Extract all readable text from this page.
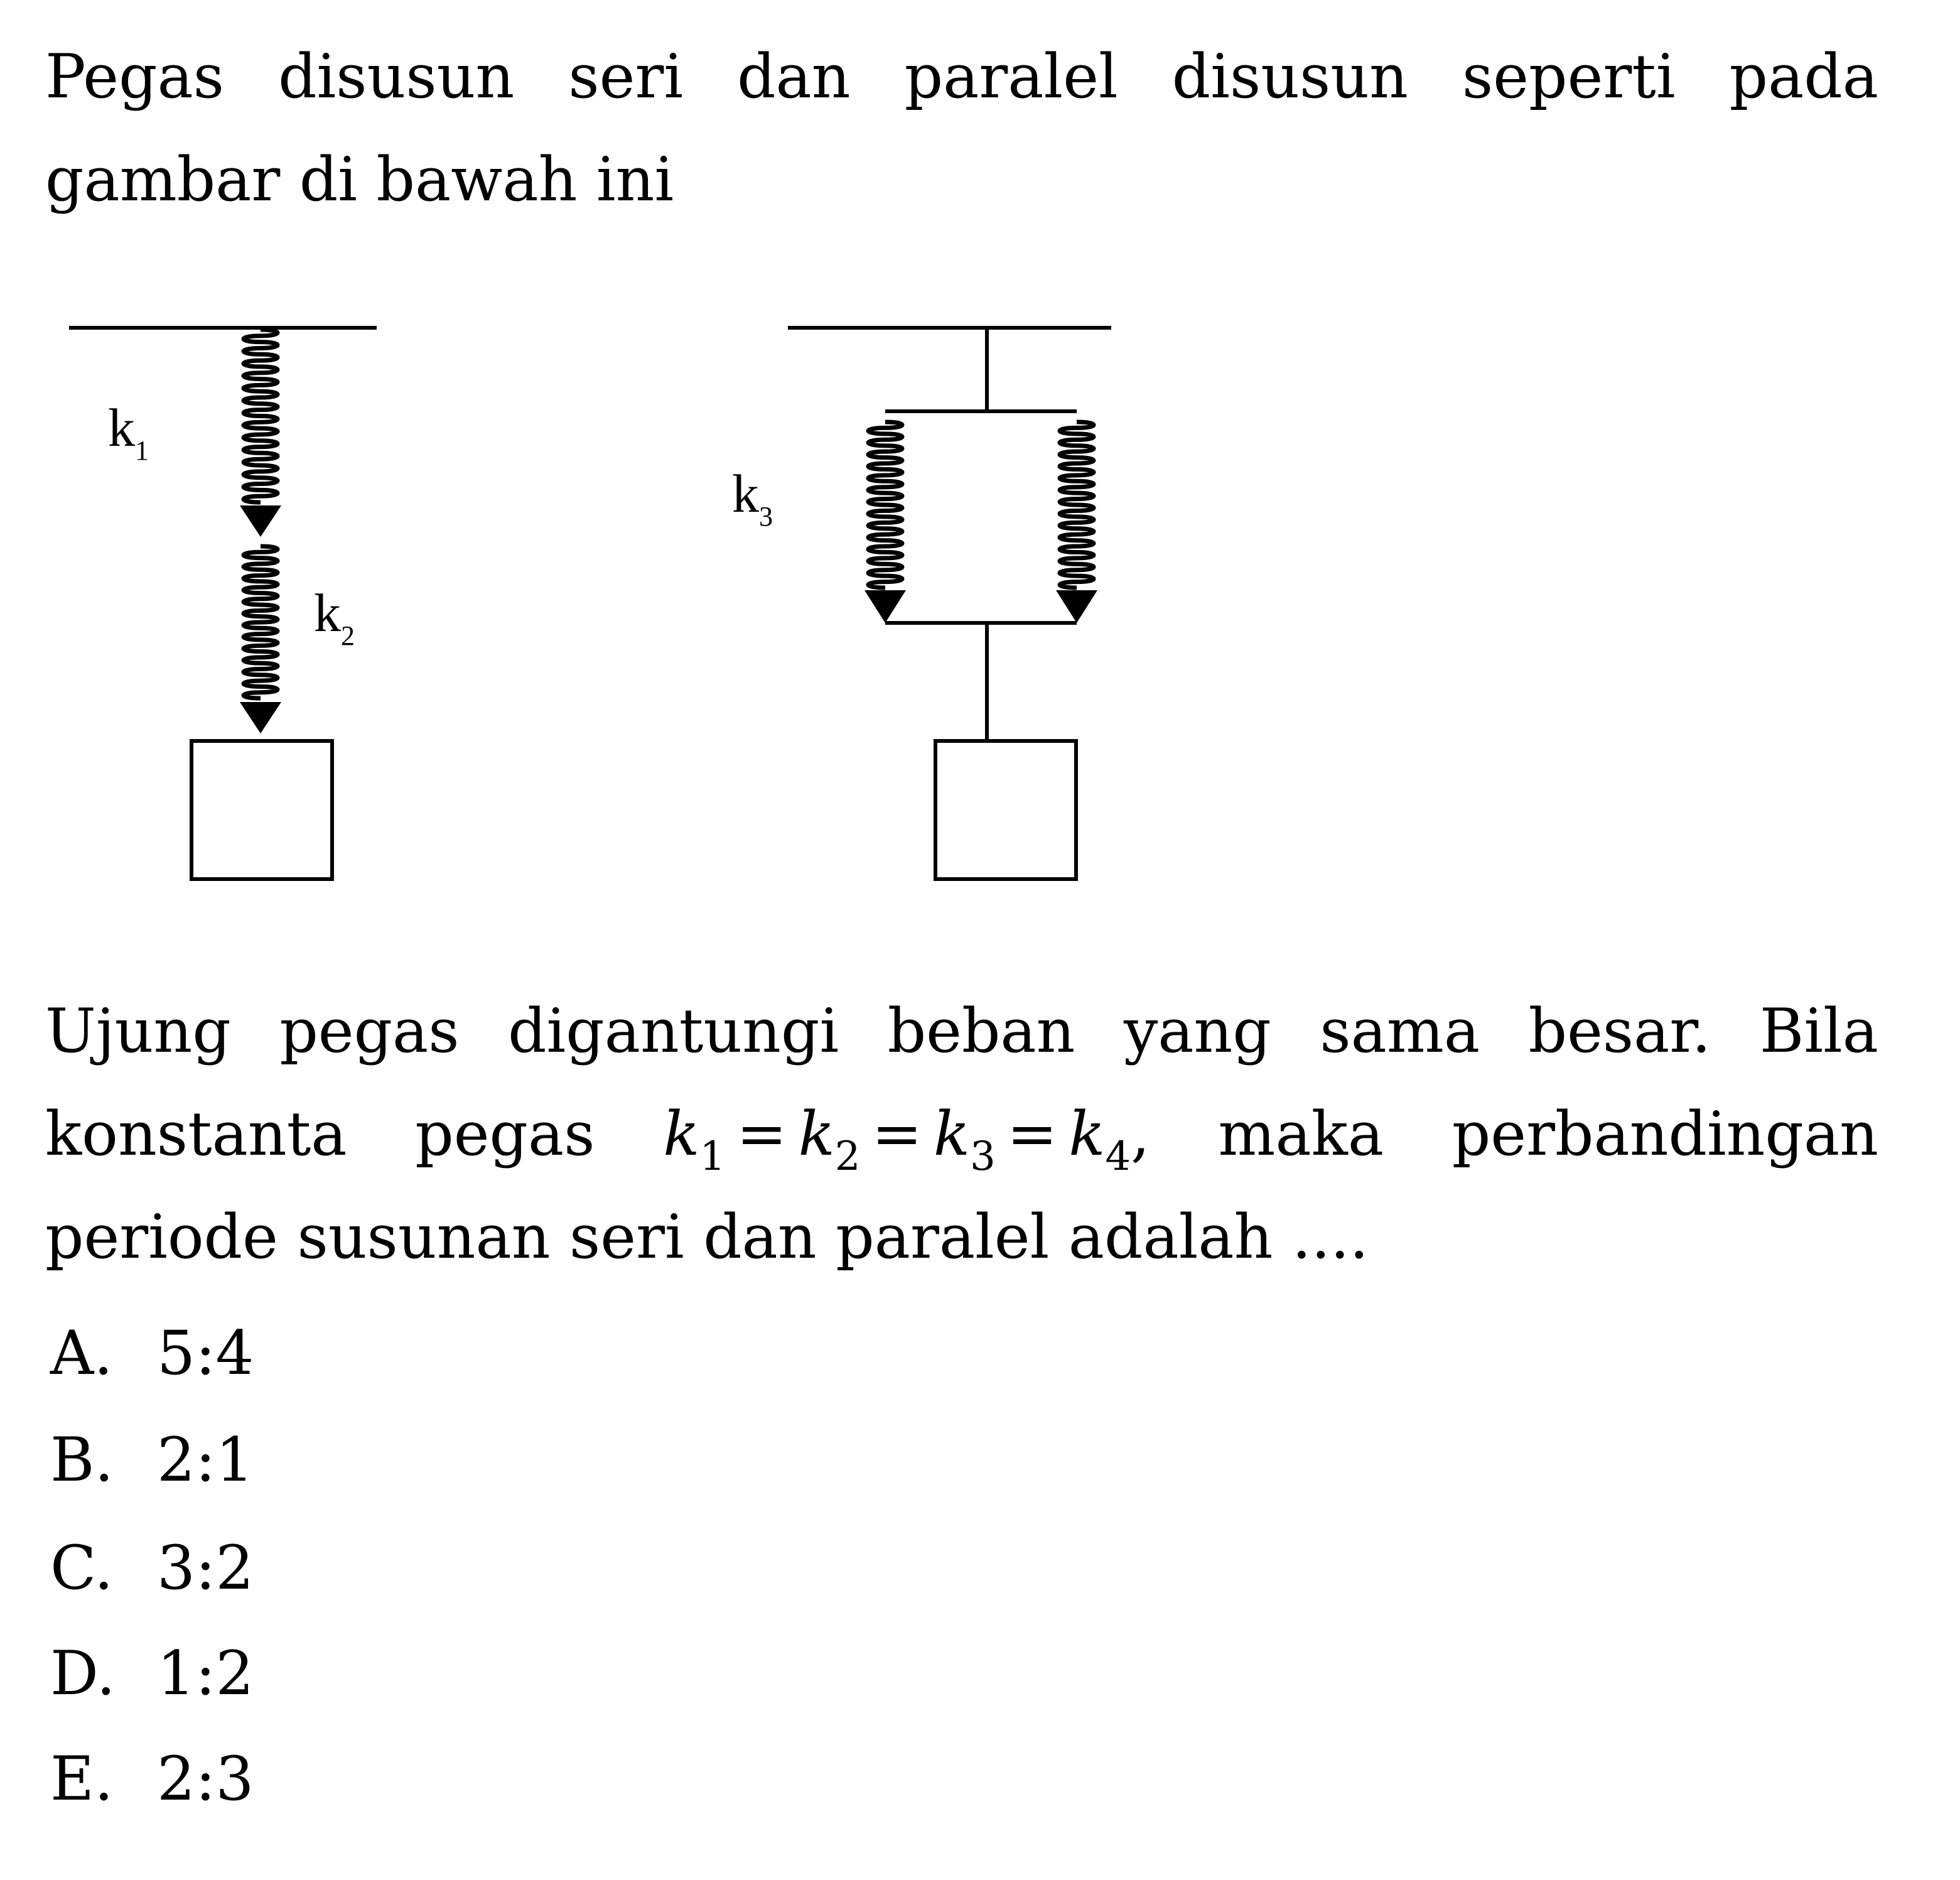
Pegas disusun seri dan paralel disusun seperti pada gambar di bawah ini

$k_1$
$k_2$
$k_3$

Ujung pegas digantungi beban yang sama besar. Bila konstanta pegas $k_1 = k_2 = k_3 = k_4$, maka perbandingan periode susunan seri dan paralel adalah ....

A. 5:4
B. 2:1
C. 3:2
D. 1:2
E. 2:3
